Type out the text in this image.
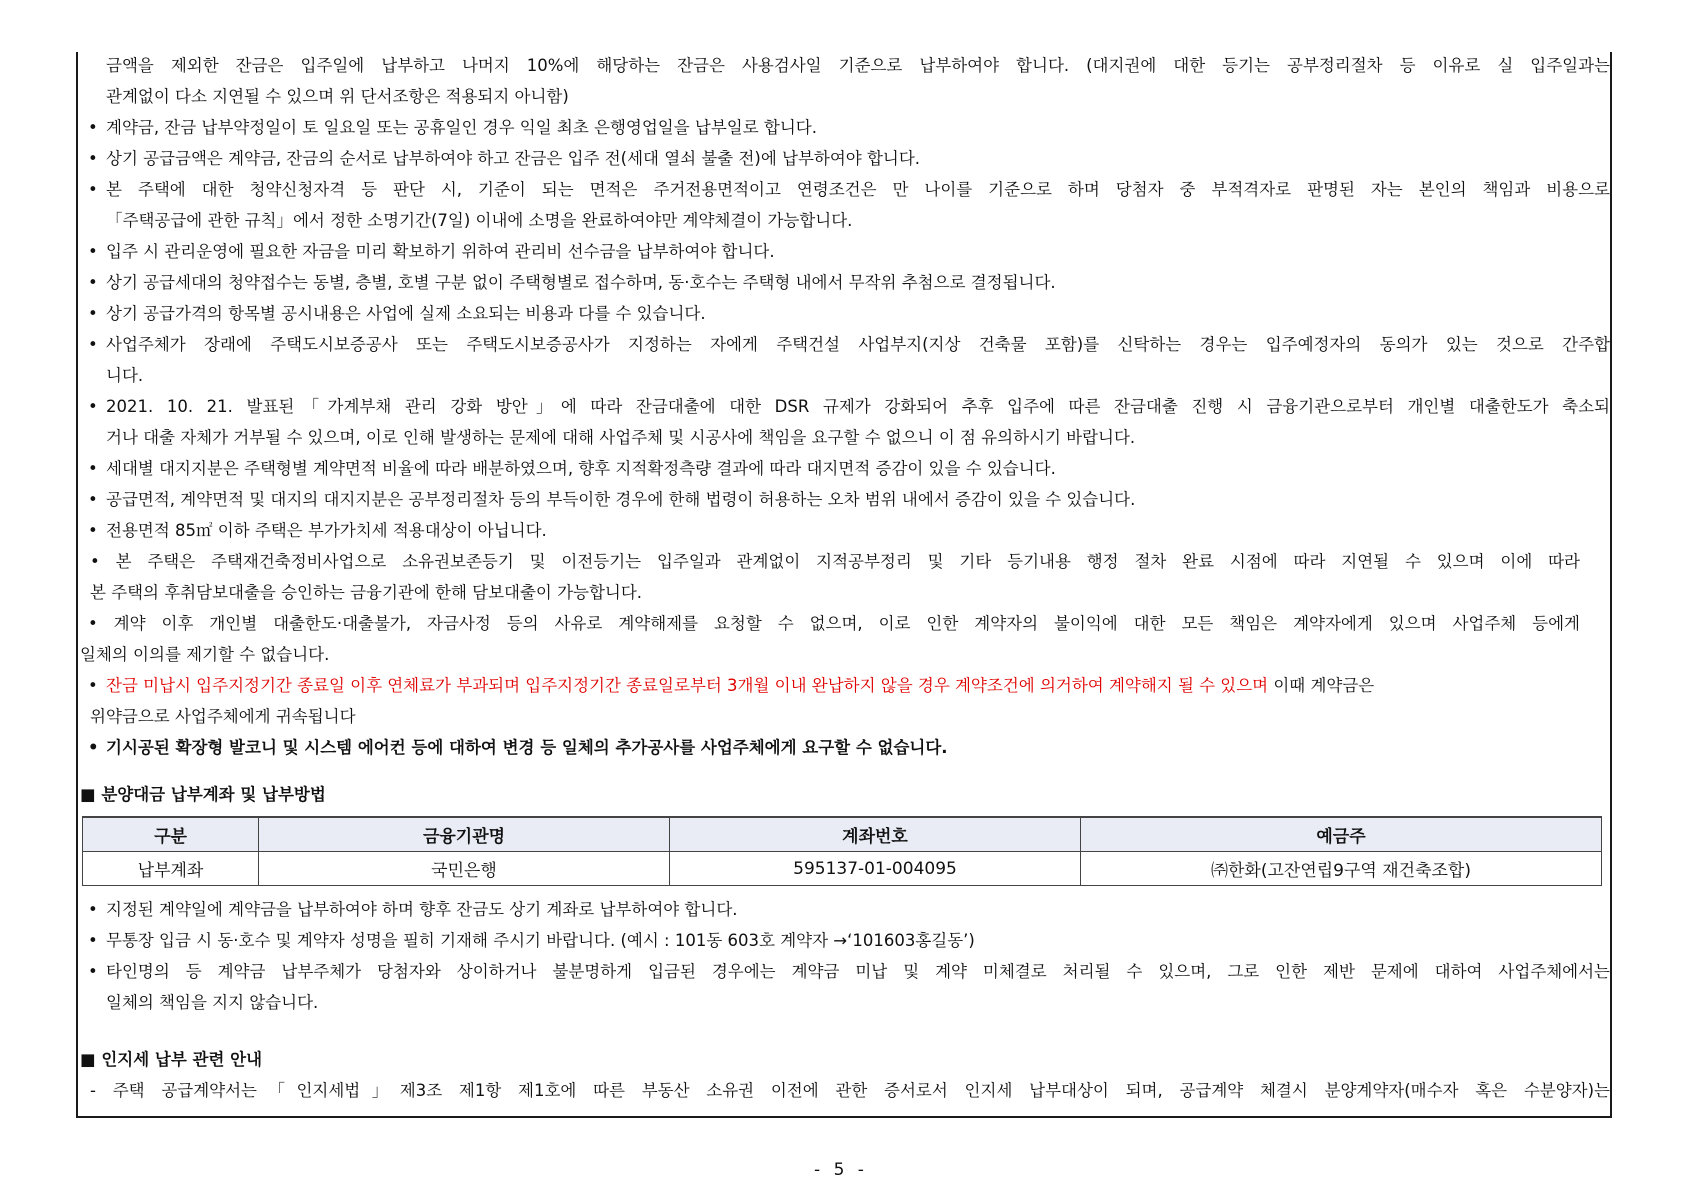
금액을 제외한 잔금은 입주일에 납부하고 나머지 10%에 해당하는 잔금은 사용검사일 기준으로 납부하여야 합니다. (대지권에 대한 등기는 공부정리절차 등 이유로 실 입주일과는
관계없이 다소 지연될 수 있으며 위 단서조항은 적용되지 아니함)
• 계약금, 잔금 납부약정일이 토 일요일 또는 공휴일인 경우 익일 최초 은행영업일을 납부일로 합니다.
• 상기 공급금액은 계약금, 잔금의 순서로 납부하여야 하고 잔금은 입주 전(세대 열쇠 불출 전)에 납부하여야 합니다.
• 본 주택에 대한 청약신청자격 등 판단 시, 기준이 되는 면적은 주거전용면적이고 연령조건은 만 나이를 기준으로 하며 당첨자 중 부적격자로 판명된 자는 본인의 책임과 비용으로
「주택공급에 관한 규칙」에서 정한 소명기간(7일) 이내에 소명을 완료하여야만 계약체결이 가능합니다.
• 입주 시 관리운영에 필요한 자금을 미리 확보하기 위하여 관리비 선수금을 납부하여야 합니다.
• 상기 공급세대의 청약접수는 동별, 층별, 호별 구분 없이 주택형별로 접수하며, 동·호수는 주택형 내에서 무작위 추첨으로 결정됩니다.
• 상기 공급가격의 항목별 공시내용은 사업에 실제 소요되는 비용과 다를 수 있습니다.
• 사업주체가 장래에 주택도시보증공사 또는 주택도시보증공사가 지정하는 자에게 주택건설 사업부지(지상 건축물 포함)를 신탁하는 경우는 입주예정자의 동의가 있는 것으로 간주합
니다.
• 2021. 10. 21. 발표된「가계부채 관리 강화 방안」에 따라 잔금대출에 대한 DSR 규제가 강화되어 추후 입주에 따른 잔금대출 진행 시 금융기관으로부터 개인별 대출한도가 축소되
거나 대출 자체가 거부될 수 있으며, 이로 인해 발생하는 문제에 대해 사업주체 및 시공사에 책임을 요구할 수 없으니 이 점 유의하시기 바랍니다.
• 세대별 대지지분은 주택형별 계약면적 비율에 따라 배분하였으며, 향후 지적확정측량 결과에 따라 대지면적 증감이 있을 수 있습니다.
• 공급면적, 계약면적 및 대지의 대지지분은 공부정리절차 등의 부득이한 경우에 한해 법령이 허용하는 오차 범위 내에서 증감이 있을 수 있습니다.
• 전용면적 85㎡ 이하 주택은 부가가치세 적용대상이 아닙니다.
• 본 주택은 주택재건축정비사업으로 소유권보존등기 및 이전등기는 입주일과 관계없이 지적공부정리 및 기타 등기내용 행정 절차 완료 시점에 따라 지연될 수 있으며 이에 따라
본 주택의 후취담보대출을 승인하는 금융기관에 한해 담보대출이 가능합니다.
• 계약 이후 개인별 대출한도·대출불가, 자금사정 등의 사유로 계약해제를 요청할 수 없으며, 이로 인한 계약자의 불이익에 대한 모든 책임은 계약자에게 있으며 사업주체 등에게
일체의 이의를 제기할 수 없습니다.
• 잔금 미납시 입주지정기간 종료일 이후 연체료가 부과되며 입주지정기간 종료일로부터 3개월 이내 완납하지 않을 경우 계약조건에 의거하여 계약해지 될 수 있으며 이때 계약금은
위약금으로 사업주체에게 귀속됩니다
• 기시공된 확장형 발코니 및 시스템 에어컨 등에 대하여 변경 등 일체의 추가공사를 사업주체에게 요구할 수 없습니다.
■ 분양대금 납부계좌 및 납부방법
구분	금융기관명	계좌번호	예금주
납부계좌	국민은행	595137-01-004095	㈜한화(고잔연립9구역 재건축조합)
• 지정된 계약일에 계약금을 납부하여야 하며 향후 잔금도 상기 계좌로 납부하여야 합니다.
• 무통장 입금 시 동·호수 및 계약자 성명을 필히 기재해 주시기 바랍니다. (예시 : 101동 603호 계약자 →‘101603홍길동’)
• 타인명의 등 계약금 납부주체가 당첨자와 상이하거나 불분명하게 입금된 경우에는 계약금 미납 및 계약 미체결로 처리될 수 있으며, 그로 인한 제반 문제에 대하여 사업주체에서는
일체의 책임을 지지 않습니다.
■ 인지세 납부 관련 안내
- 주택 공급계약서는「인지세법」제3조 제1항 제1호에 따른 부동산 소유권 이전에 관한 증서로서 인지세 납부대상이 되며, 공급계약 체결시 분양계약자(매수자 혹은 수분양자)는
- 5 -
